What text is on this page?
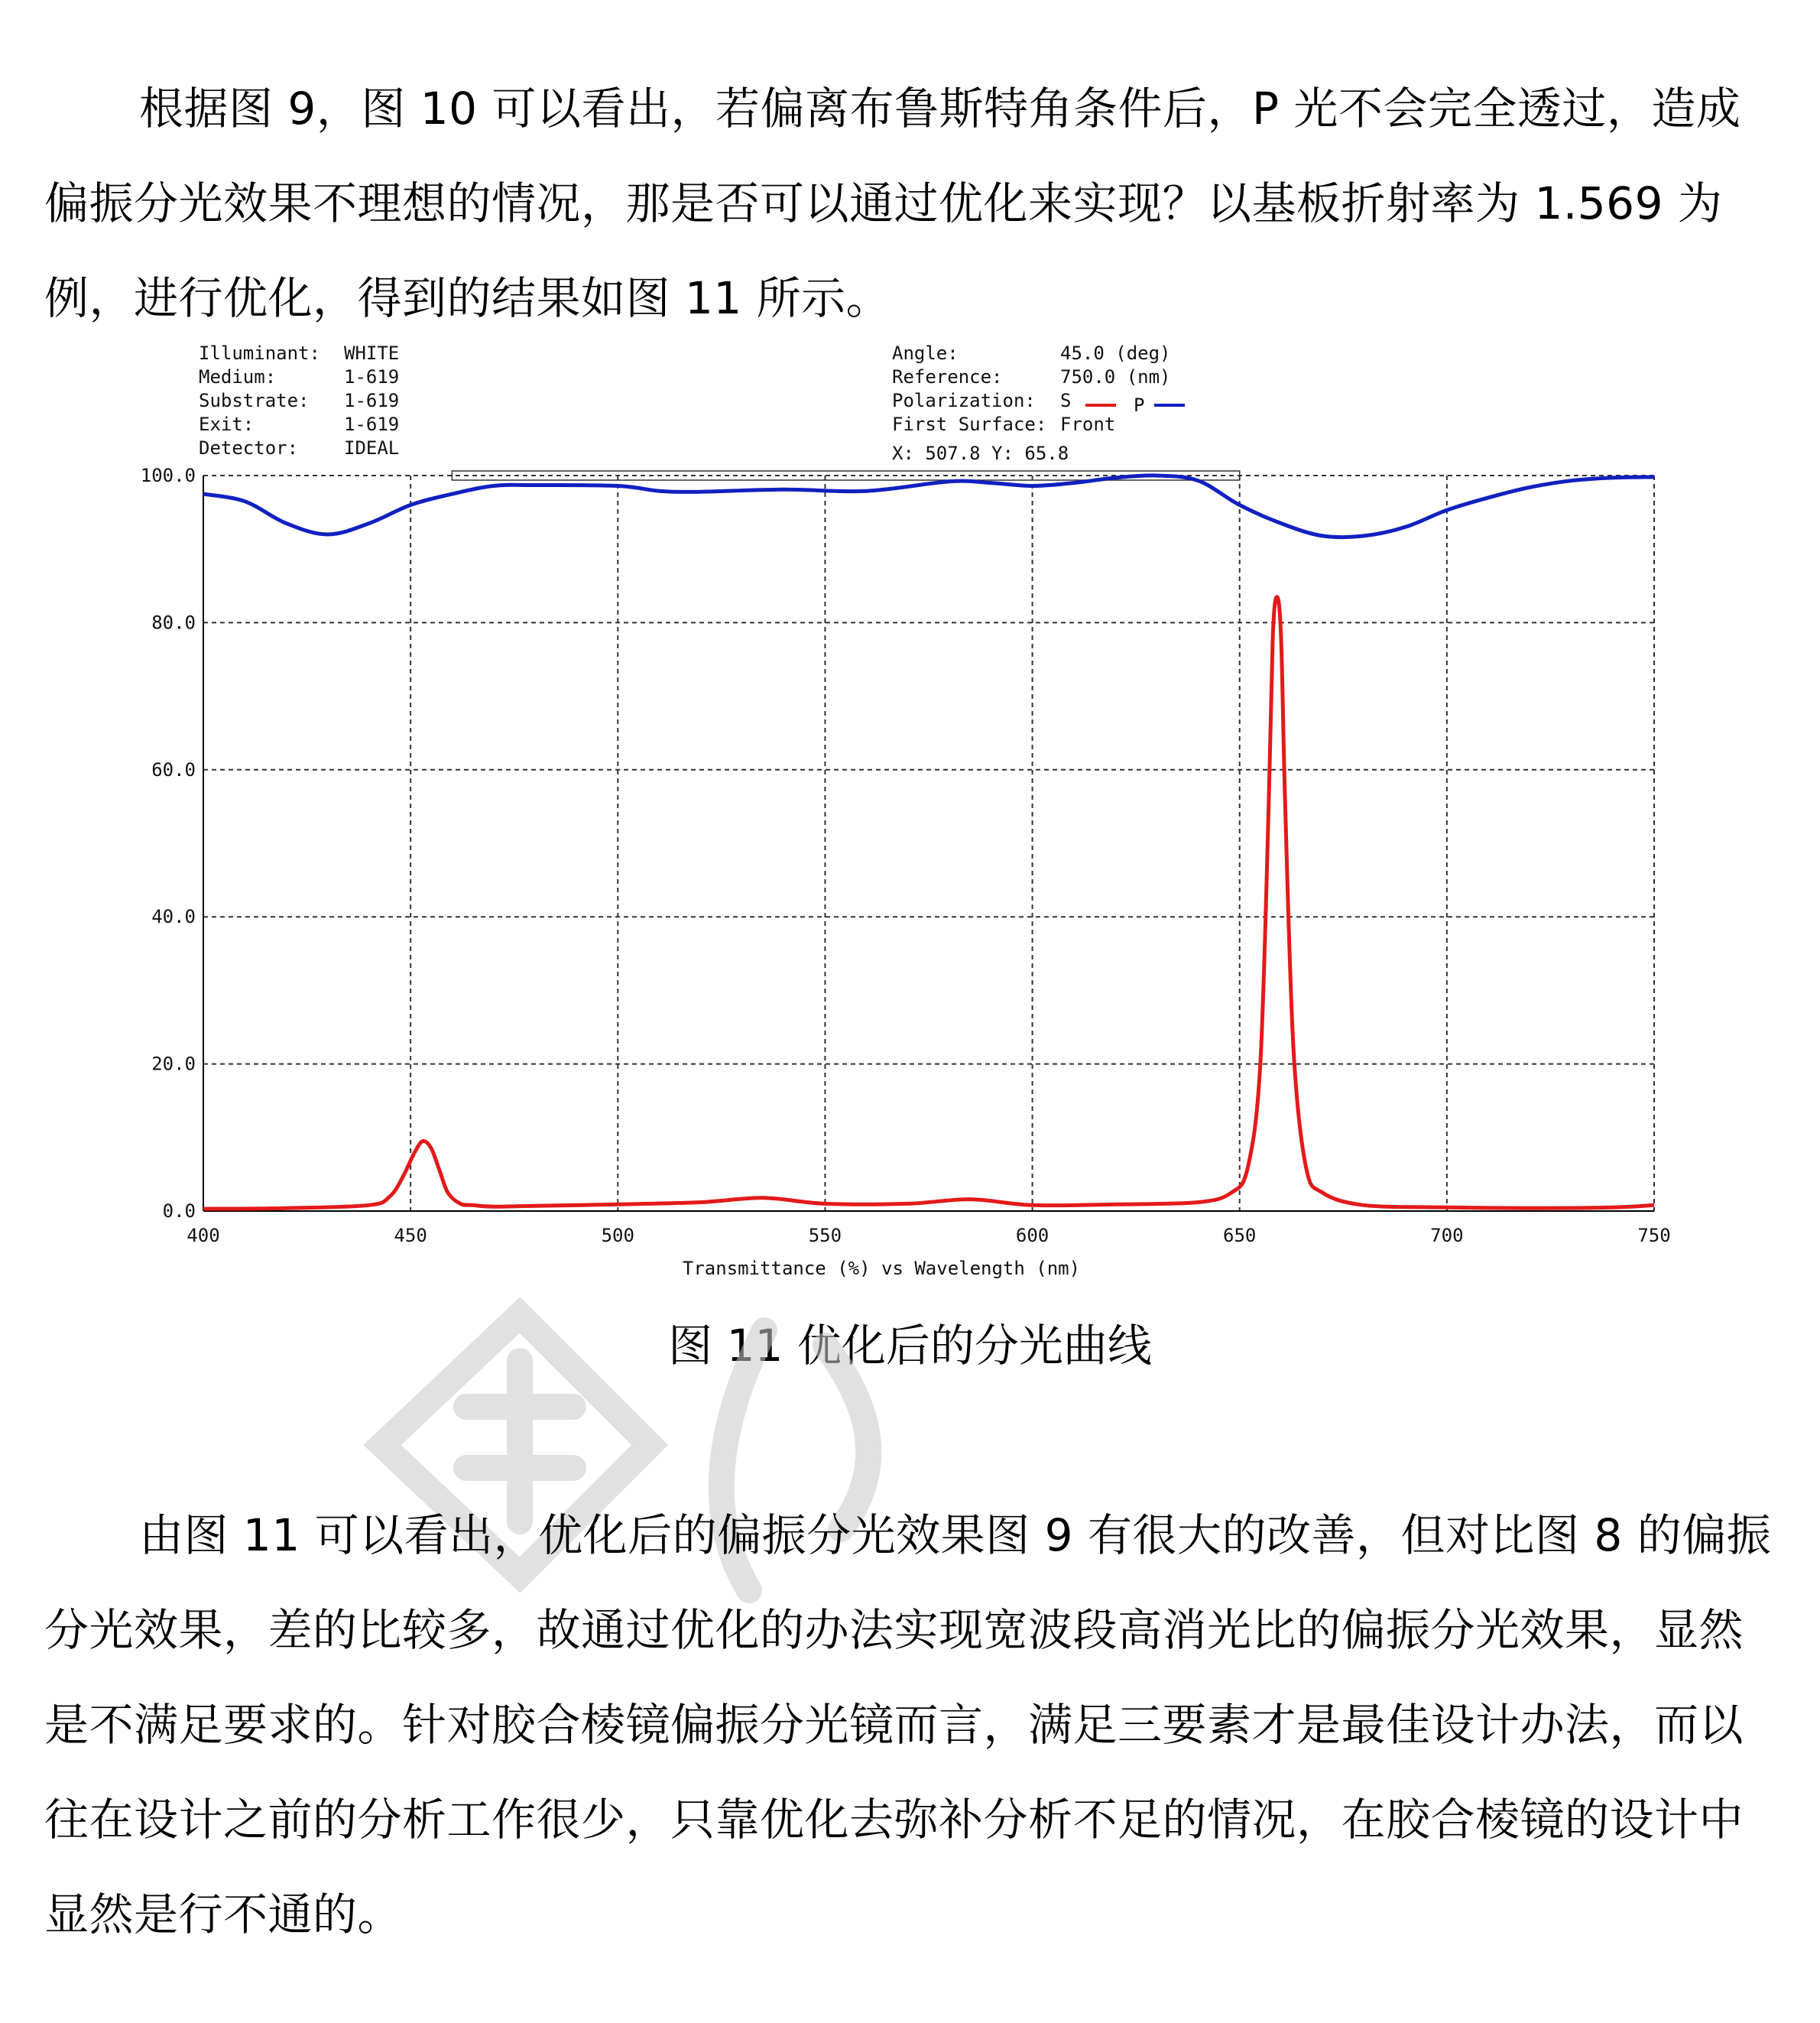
根据图 9，图 10 可以看出，若偏离布鲁斯特角条件后，P 光不会完全透过，造成偏振分光效果不理想的情况，那是否可以通过优化来实现？以基板折射率为 1.569 为例，进行优化，得到的结果如图 11 所示。

Illuminant: WHITE
Medium:	1-619
Substrate: 1-619
Exit:	1-619
Detector: IDEAL
Angle:	45.0 (deg)
Reference:	750.0 (nm)
Polarization: S
First Surface: Front
P
X: 507.8 Y: 65.8
400	450	500	550	600	650	700	750
0.0
20.0
40.0
60.0
80.0
100.0
Transmittance (%) vs Wavelength (nm)
图 11 优化后的分光曲线

由图 11 可以看出，优化后的偏振分光效果图 9 有很大的改善，但对比图 8 的偏振分光效果，差的比较多，故通过优化的办法实现宽波段高消光比的偏振分光效果，显然是不满足要求的。针对胶合棱镜偏振分光镜而言，满足三要素才是最佳设计办法，而以往在设计之前的分析工作很少，只靠优化去弥补分析不足的情况，在胶合棱镜的设计中显然是行不通的。
